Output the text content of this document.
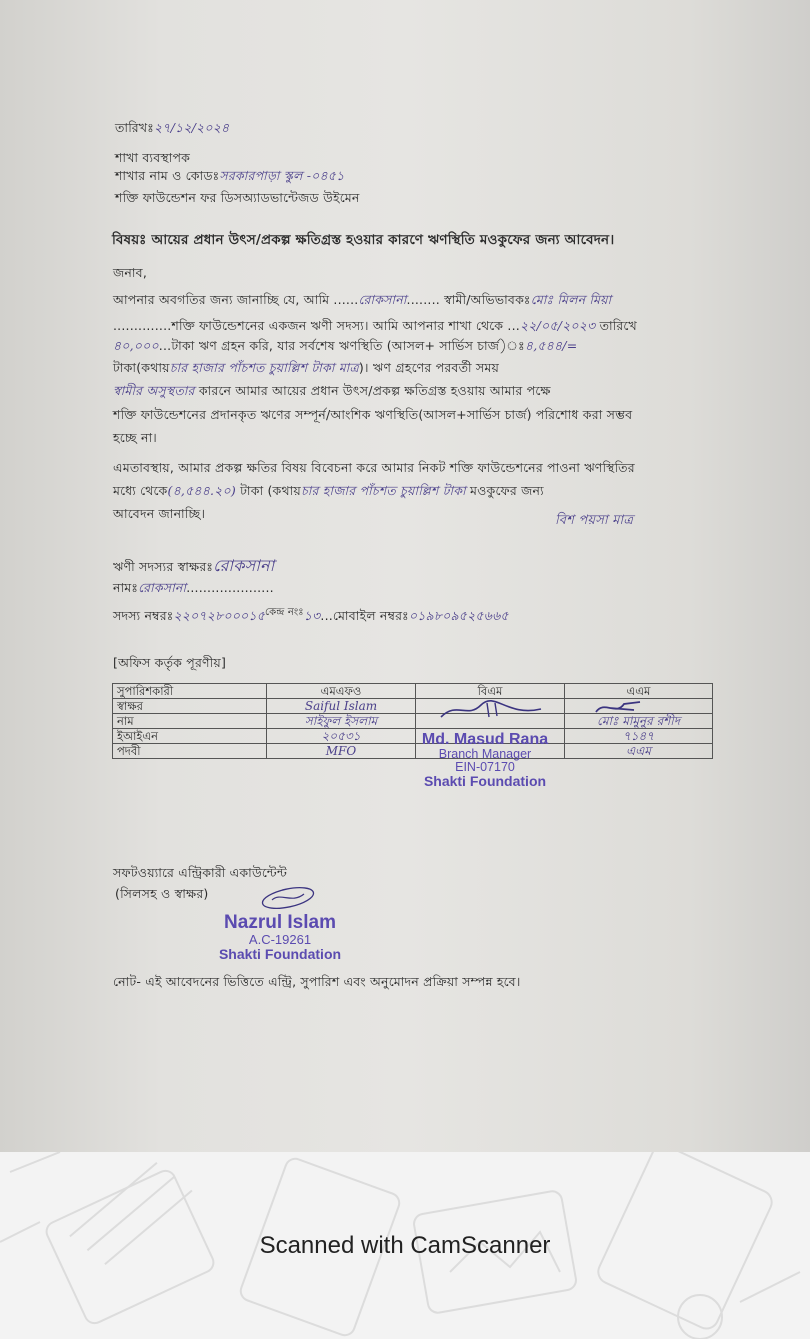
তারিখঃ২৭/১২/২০২৪
শাখা ব্যবস্থাপক
শাখার নাম ও কোডঃসরকারপাড়া স্কুল -০৪৫১
শক্তি ফাউন্ডেশন ফর ডিসঅ্যাডভান্টেজড উইমেন
বিষয়ঃ আয়ের প্রধান উৎস/প্রকল্প ক্ষতিগ্রস্ত হওয়ার কারণে ঋণস্থিতি মওকুফের জন্য আবেদন।
জনাব,
আপনার অবগতির জন্য জানাচ্ছি যে, আমি ......রোকসানা........ স্বামী/অভিভাবকঃমোঃ মিলন মিয়া
..............শক্তি ফাউন্ডেশনের একজন ঋণী সদস্য। আমি আপনার শাখা থেকে ...২২/০৫/২০২৩ তারিখে
৪০,০০০...টাকা ঋণ গ্রহন করি, যার সর্বশেষ ঋণস্থিতি (আসল+ সার্ভিস চার্জ)ঃ৪,৫৪৪/=
টাকা(কথায়চার হাজার পাঁচশত চুয়াল্লিশ টাকা মাত্র)। ঋণ গ্রহণের পরবর্তী সময়
স্বামীর অসুস্থতার কারনে আমার আয়ের প্রধান উৎস/প্রকল্প ক্ষতিগ্রস্ত হওয়ায় আমার পক্ষে
শক্তি ফাউন্ডেশনের প্রদানকৃত ঋণের সম্পূর্ন/আংশিক ঋণস্থিতি(আসল+সার্ভিস চার্জ) পরিশোধ করা সম্ভব
হচ্ছে না।
এমতাবস্থায়, আমার প্রকল্প ক্ষতির বিষয় বিবেচনা করে আমার নিকট শক্তি ফাউন্ডেশনের পাওনা ঋণস্থিতির
মধ্যে থেকে(৪,৫৪৪.২০) টাকা (কথায়চার হাজার পাঁচশত চুয়াল্লিশ টাকা মওকুফের জন্য
আবেদন জানাচ্ছি।	বিশ পয়সা মাত্র
ঋণী সদস্যর স্বাক্ষরঃরোকসানা
নামঃরোকসানা.....................
সদস্য $নম্বরঃ২২০৭২৮০০০১৫^{কেন্দ্র নংঃ}১৩...মোবাইল$ নম্বরঃ০১৯৮০৯৫২৫৬৬৫
[অফিস কর্তৃক পূরণীয়]
সুপারিশকারী	এমএফও	বিএম	এএম
স্বাক্ষর	Saiful Islam		
নাম	সাইফুল ইসলাম		মোঃ মামুনুর রশীদ
ইআইএন	২০৫৩১		৭১৪৭
পদবী	MFO		এএম
Md. Masud Rana
Branch Manager
EIN-07170
Shakti Foundation
সফটওয়্যারে এন্ট্রিকারী একাউন্টেন্ট
(সিলসহ ও স্বাক্ষর)
Nazrul Islam
A.C-19261
Shakti Foundation
নোট- এই আবেদনের ভিত্তিতে এন্ট্রি, সুপারিশ এবং অনুমোদন প্রক্রিয়া সম্পন্ন হবে।
Scanned with CamScanner
